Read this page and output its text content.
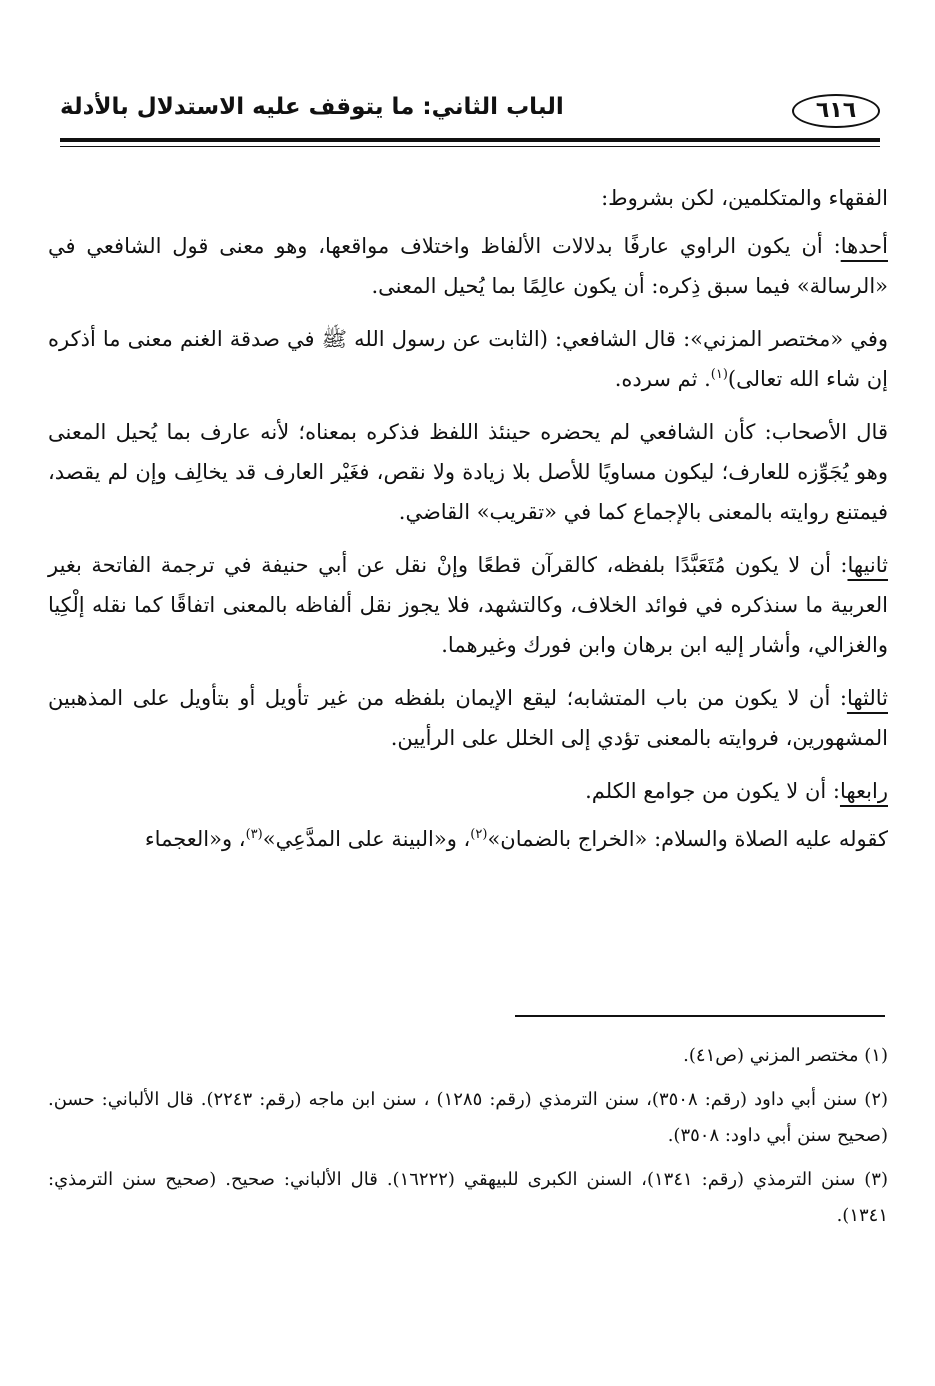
٦١٦
الباب الثاني: ما يتوقف عليه الاستدلال بالأدلة

الفقهاء والمتكلمين، لكن بشروط:

أحدها: أن يكون الراوي عارفًا بدلالات الألفاظ واختلاف مواقعها، وهو معنى قول الشافعي في «الرسالة» فيما سبق ذِكره: أن يكون عالِمًا بما يُحيل المعنى.

وفي «مختصر المزني»: قال الشافعي: (الثابت عن رسول الله ﷺ في صدقة الغنم معنى ما أذكره إن شاء الله تعالى)$^{(١)}$. ثم سرده.

قال الأصحاب: كأن الشافعي لم يحضره حينئذ اللفظ فذكره بمعناه؛ لأنه عارف بما يُحيل المعنى وهو يُجَوِّزه للعارف؛ ليكون مساويًا للأصل بلا زيادة ولا نقص، فغَيْر العارف قد يخالِف وإن لم يقصد، فيمتنع روايته بالمعنى بالإجماع كما في «تقريب» القاضي.

ثانيها: أن لا يكون مُتَعَبَّدًا بلفظه، كالقرآن قطعًا وإنْ نقل عن أبي حنيفة في ترجمة الفاتحة بغير العربية ما سنذكره في فوائد الخلاف، وكالتشهد، فلا يجوز نقل ألفاظه بالمعنى اتفاقًا كما نقله إلْكِيا والغزالي، وأشار إليه ابن برهان وابن فورك وغيرهما.

ثالثها: أن لا يكون من باب المتشابه؛ ليقع الإيمان بلفظه من غير تأويل أو بتأويل على المذهبين المشهورين، فروايته بالمعنى تؤدي إلى الخلل على الرأيين.

رابعها: أن لا يكون من جوامع الكلم.

كقوله عليه الصلاة والسلام: «الخراج بالضمان»$^{(٢)}$، و«البينة على المدَّعِي»$^{(٣)}$، و«العجماء

(١) مختصر المزني (ص٤١).

(٢) سنن أبي داود (رقم: ٣٥٠٨)، سنن الترمذي (رقم: ١٢٨٥) ، سنن ابن ماجه (رقم: ٢٢٤٣). قال الألباني: حسن. (صحيح سنن أبي داود: ٣٥٠٨).

(٣) سنن الترمذي (رقم: ١٣٤١)، السنن الكبرى للبيهقي (١٦٢٢٢). قال الألباني: صحيح. (صحيح سنن الترمذي: ١٣٤١).
